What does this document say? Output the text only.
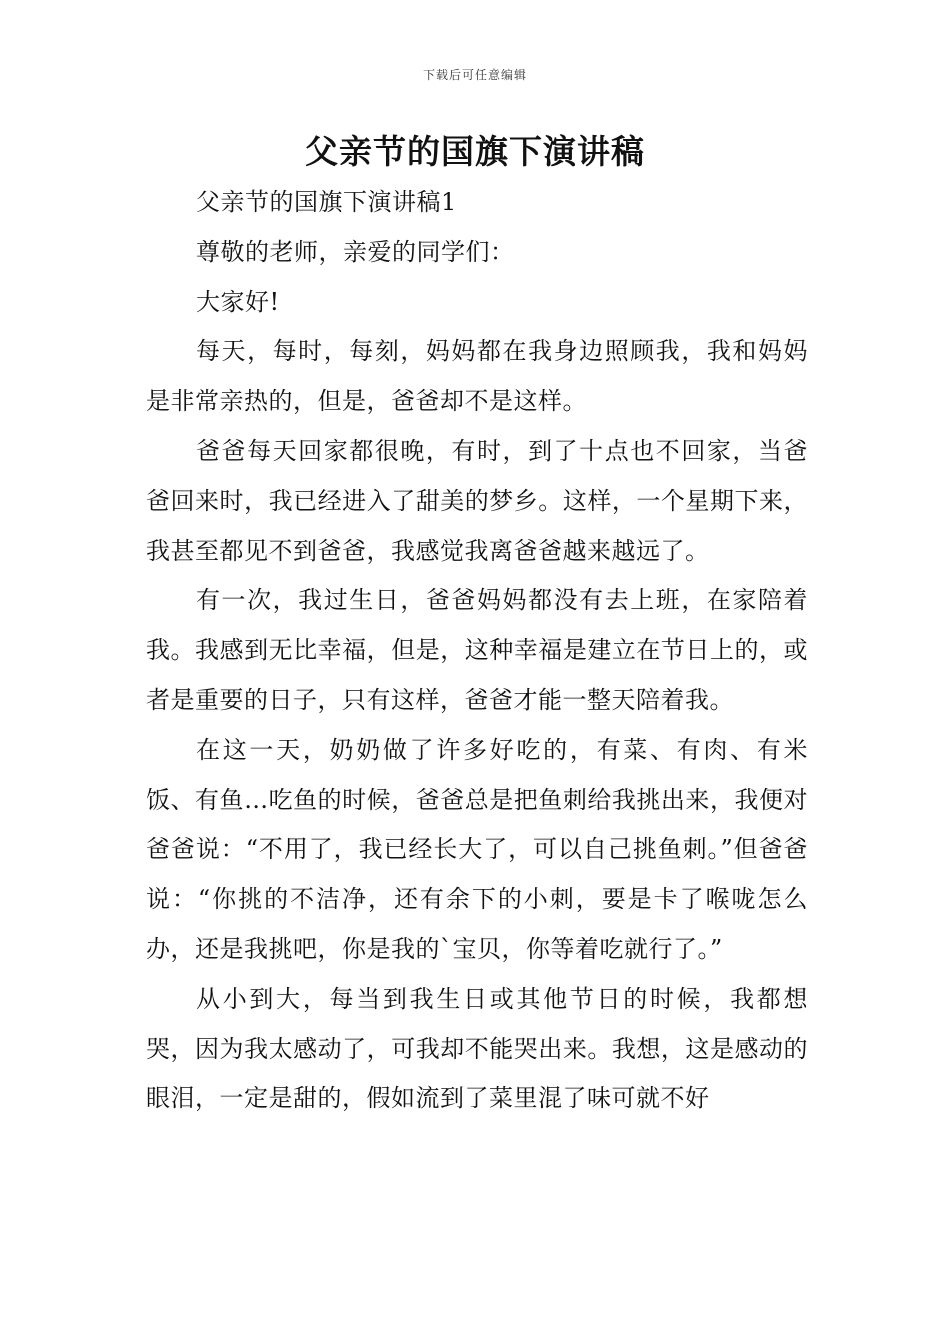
下载后可任意编辑
父亲节的国旗下演讲稿

父亲节的国旗下演讲稿1

尊敬的老师，亲爱的同学们：

大家好!

每天，每时，每刻，妈妈都在我身边照顾我，我和妈妈是非常亲热的，但是，爸爸却不是这样。

爸爸每天回家都很晚，有时，到了十点也不回家，当爸爸回来时，我已经进入了甜美的梦乡。这样，一个星期下来，我甚至都见不到爸爸，我感觉我离爸爸越来越远了。

有一次，我过生日，爸爸妈妈都没有去上班，在家陪着我。我感到无比幸福，但是，这种幸福是建立在节日上的，或者是重要的日子，只有这样，爸爸才能一整天陪着我。

在这一天，奶奶做了许多好吃的，有菜、有肉、有米饭、有鱼…吃鱼的时候，爸爸总是把鱼刺给我挑出来，我便对爸爸说：“不用了，我已经长大了，可以自己挑鱼刺。”但爸爸说：“你挑的不洁净，还有余下的小刺，要是卡了喉咙怎么办，还是我挑吧，你是我的`宝贝，你等着吃就行了。”

从小到大，每当到我生日或其他节日的时候，我都想哭，因为我太感动了，可我却不能哭出来。我想，这是感动的眼泪，一定是甜的，假如流到了菜里混了味可就不好
